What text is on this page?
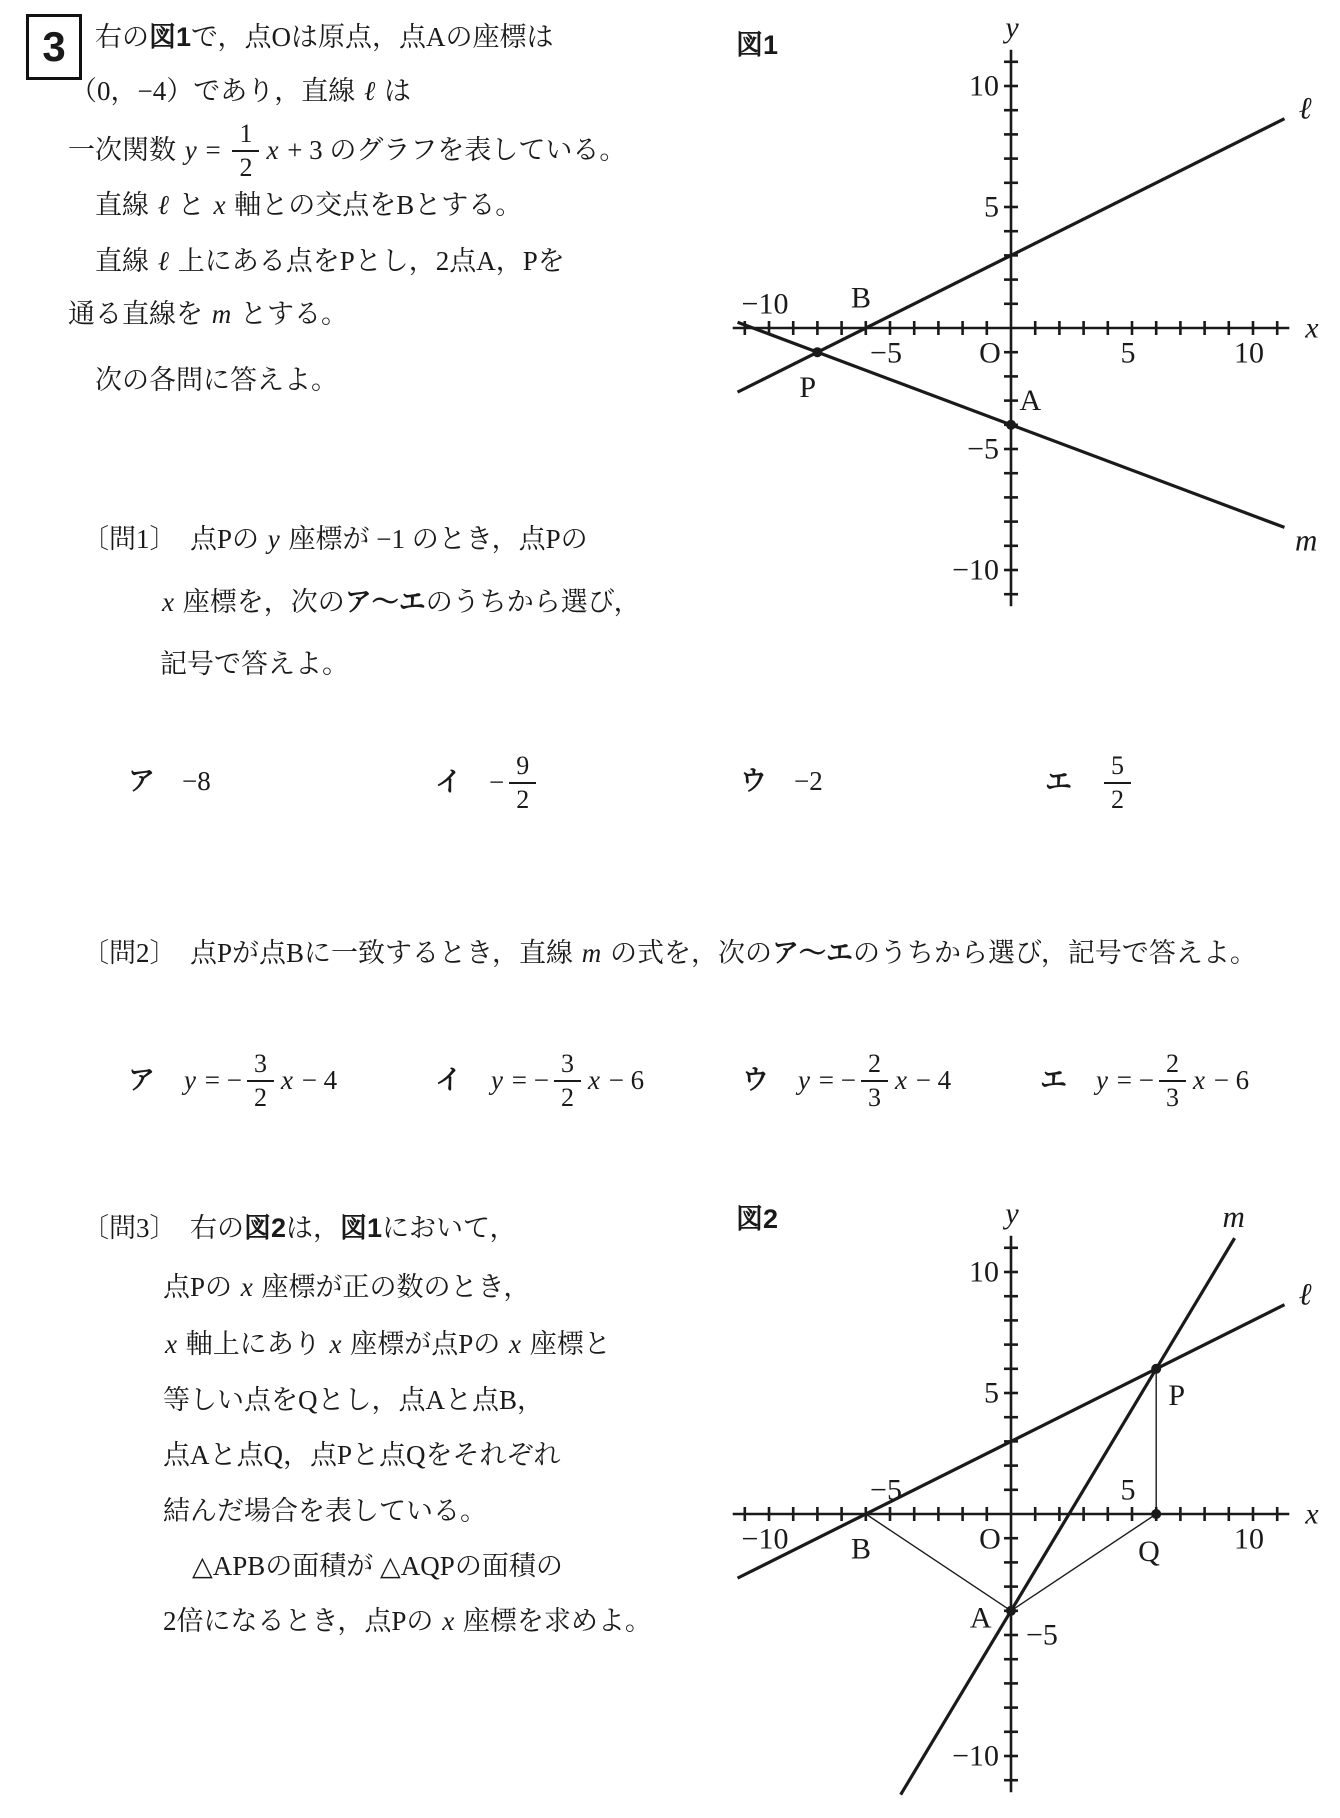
3 右の 図1 で，点Oは原点，点Aの座標は
（0，−4）であり，直線 ℓ は
一次関数 $y = \frac{1}{2}$ x + 3 のグラフを表している。
直線 ℓ と x 軸との交点をBとする。
直線 ℓ 上にある点をPとし，2点A，Pを
通る直線を m とする。
次の各問に答えよ。
図1
〔問1〕　点Pの y 座標が −1 のとき，点Pの
x 座標を，次の ア〜エ のうちから選び，
記号で答えよ。
ア 　−8	イ 　− $\frac{9}{2}$	ウ 　−2	エ
　 $\frac{5}{2}$
〔問2〕　点Pが点Bに一致するとき，直線 m の式を，次の ア〜エ のうちから選び，記号で答えよ。
ア
　 y = − $\frac{3}{2}$ x − 4	イ
　 y = − $\frac{3}{2}$ x − 6	ウ
　 y = − $\frac{2}{3}$ x − 4	エ
　 y = − $\frac{2}{3}$ x − 6
〔問3〕　右の 図2 は， 図1 において，
点Pの x 座標が正の数のとき，
x 軸上にあり x 座標が点Pの x 座標と
等しい点をQとし，点Aと点B，
点Aと点Q，点Pと点Qをそれぞれ
結んだ場合を表している。
△APBの面積が △AQPの面積の
2倍になるとき，点Pの x 座標を求めよ。
図2
−10
−5	5	10
10
5
−5
−10
O
x
y
ℓ
m
B
P	A
−10
−5	5
10
10
5
−5
−10
O
x
y
ℓ
m
B	Q
A
P
